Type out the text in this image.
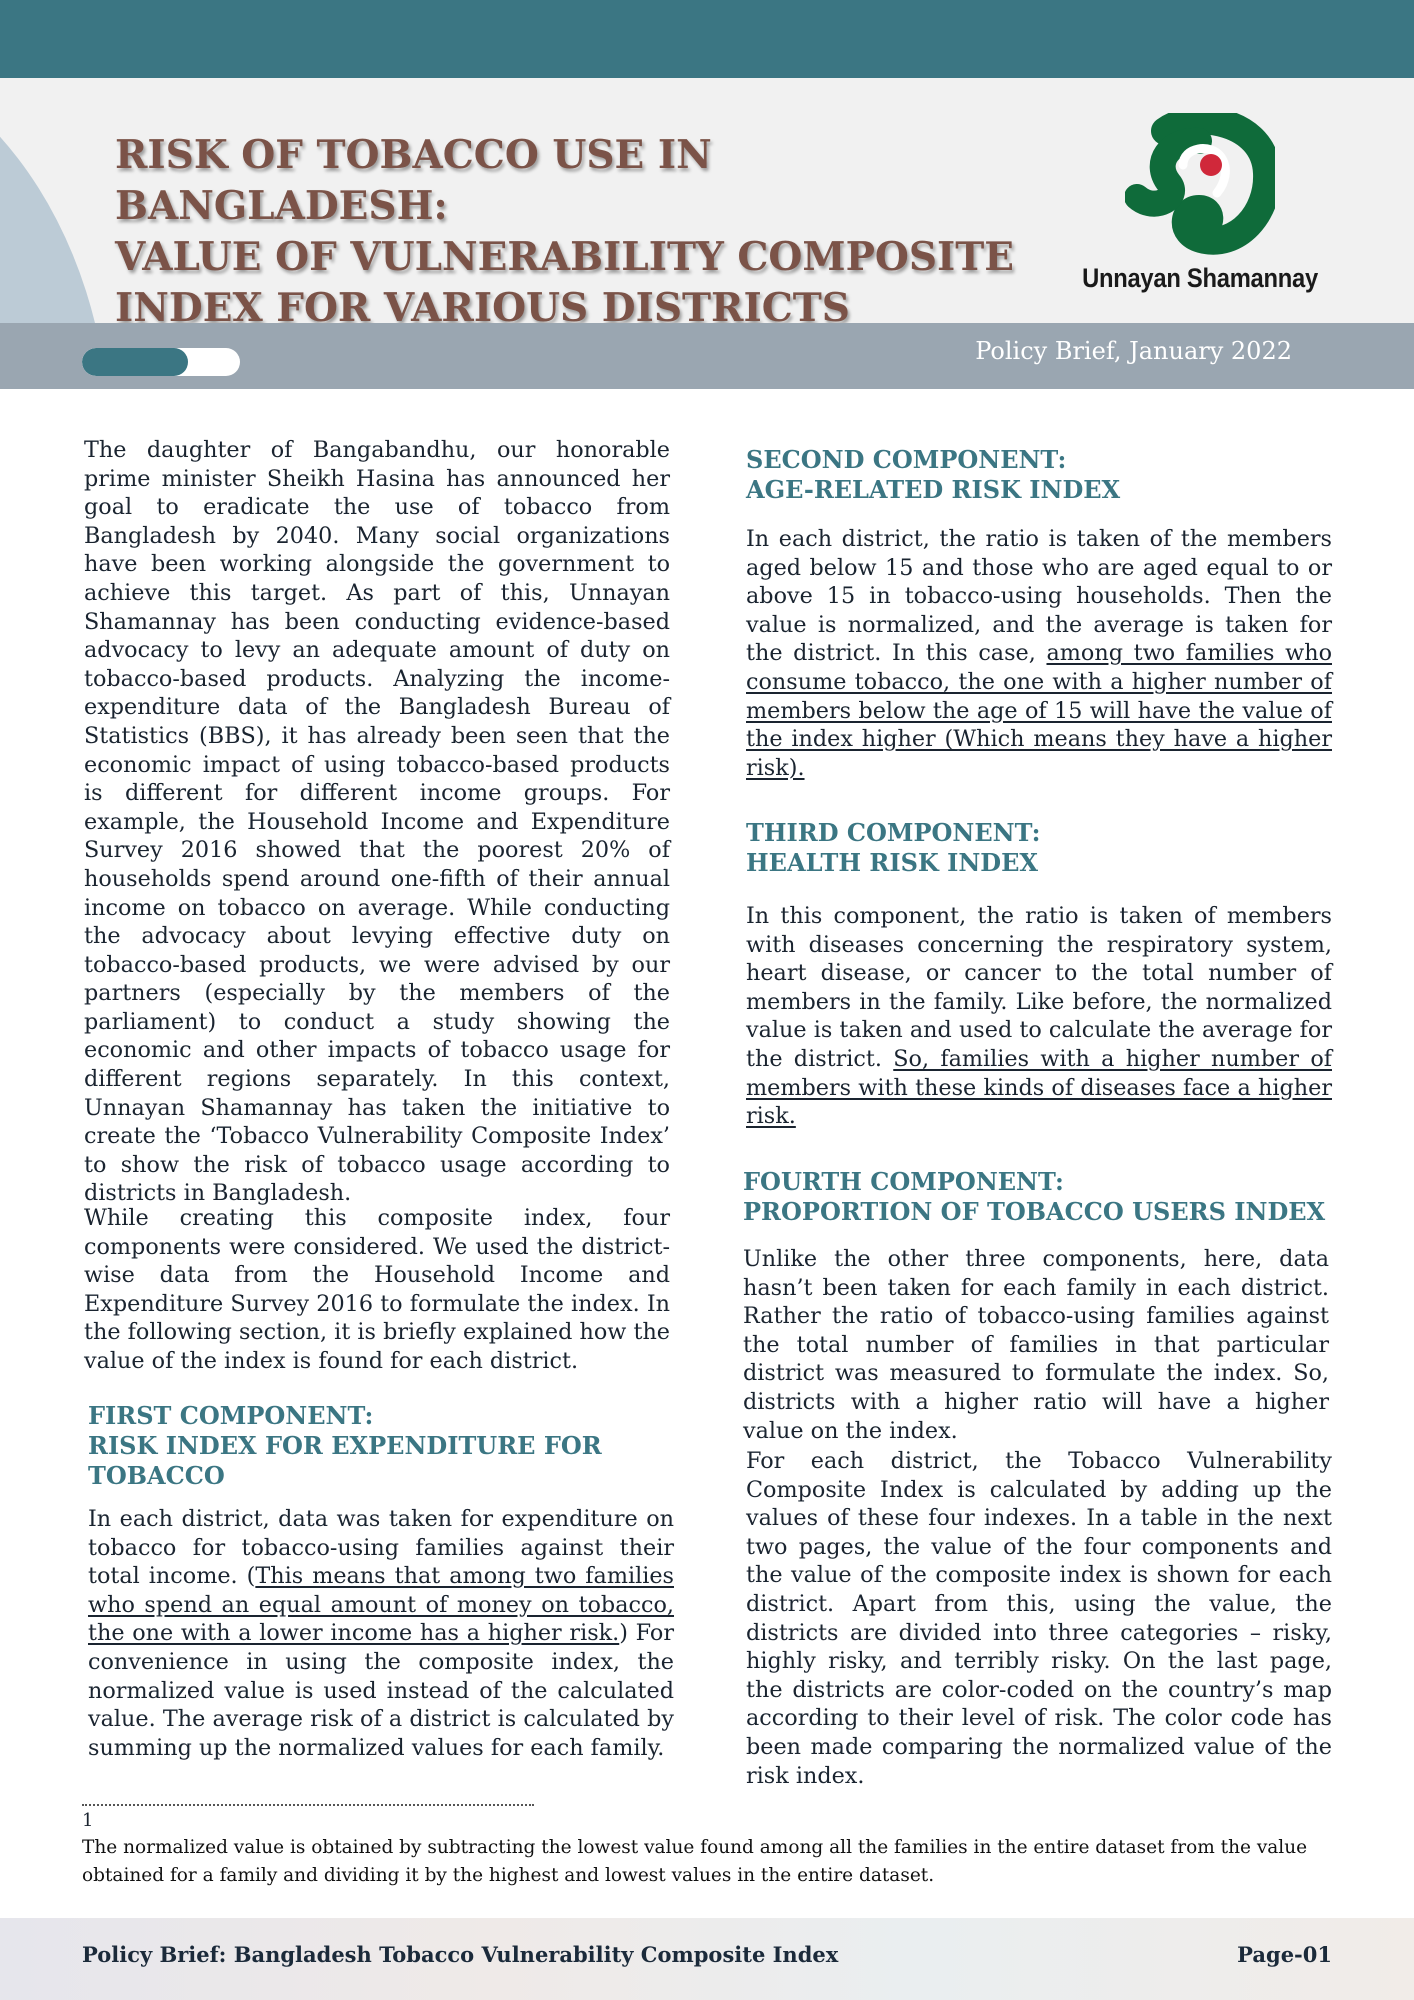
RISK OF TOBACCO USE IN BANGLADESH:
VALUE OF VULNERABILITY COMPOSITE
INDEX FOR VARIOUS DISTRICTS
Unnayan Shamannay
Policy Brief, January 2022

The daughter of Bangabandhu, our honorable prime minister Sheikh Hasina has announced her goal to eradicate the use of tobacco from Bangladesh by 2040. Many social organizations have been working alongside the government to achieve this target. As part of this, Unnayan Shamannay has been conducting evidence-based advocacy to levy an adequate amount of duty on tobacco-based products. Analyzing the income-expenditure data of the Bangladesh Bureau of Statistics (BBS), it has already been seen that the economic impact of using tobacco-based products is different for different income groups. For example, the Household Income and Expenditure Survey 2016 showed that the poorest 20% of households spend around one-fifth of their annual income on tobacco on average. While conducting the advocacy about levying effective duty on tobacco-based products, we were advised by our partners (especially by the members of the parliament) to conduct a study showing the economic and other impacts of tobacco usage for different regions separately. In this context, Unnayan Shamannay has taken the initiative to create the ‘Tobacco Vulnerability Composite Index’ to show the risk of tobacco usage according to districts in Bangladesh.

While creating this composite index, four components were considered. We used the district-wise data from the Household Income and Expenditure Survey 2016 to formulate the index. In the following section, it is briefly explained how the value of the index is found for each district.

FIRST COMPONENT:
RISK INDEX FOR EXPENDITURE FOR
TOBACCO

In each district, data was taken for expenditure on tobacco for tobacco-using families against their total income. (This means that among two families who spend an equal amount of money on tobacco, the one with a lower income has a higher risk.) For convenience in using the composite index, the normalized value is used instead of the calculated value. The average risk of a district is calculated by summing up the normalized values for each family.

SECOND COMPONENT:
AGE-RELATED RISK INDEX

In each district, the ratio is taken of the members aged below 15 and those who are aged equal to or above 15 in tobacco-using households. Then the value is normalized, and the average is taken for the district. In this case, among two families who consume tobacco, the one with a higher number of members below the age of 15 will have the value of the index higher (Which means they have a higher risk).

THIRD COMPONENT:
HEALTH RISK INDEX

In this component, the ratio is taken of members with diseases concerning the respiratory system, heart disease, or cancer to the total number of members in the family. Like before, the normalized value is taken and used to calculate the average for the district. So, families with a higher number of members with these kinds of diseases face a higher risk.

FOURTH COMPONENT:
PROPORTION OF TOBACCO USERS INDEX

Unlike the other three components, here, data hasn’t been taken for each family in each district. Rather the ratio of tobacco-using families against the total number of families in that particular district was measured to formulate the index. So, districts with a higher ratio will have a higher value on the index.

For each district, the Tobacco Vulnerability Composite Index is calculated by adding up the values of these four indexes. In a table in the next two pages, the value of the four components and the value of the composite index is shown for each district. Apart from this, using the value, the districts are divided into three categories – risky, highly risky, and terribly risky. On the last page, the districts are color-coded on the country’s map according to their level of risk. The color code has been made comparing the normalized value of the risk index.

1

The normalized value is obtained by subtracting the lowest value found among all the families in the entire dataset from the value obtained for a family and dividing it by the highest and lowest values in the entire dataset.

Policy Brief: Bangladesh Tobacco Vulnerability Composite Index	Page-01
